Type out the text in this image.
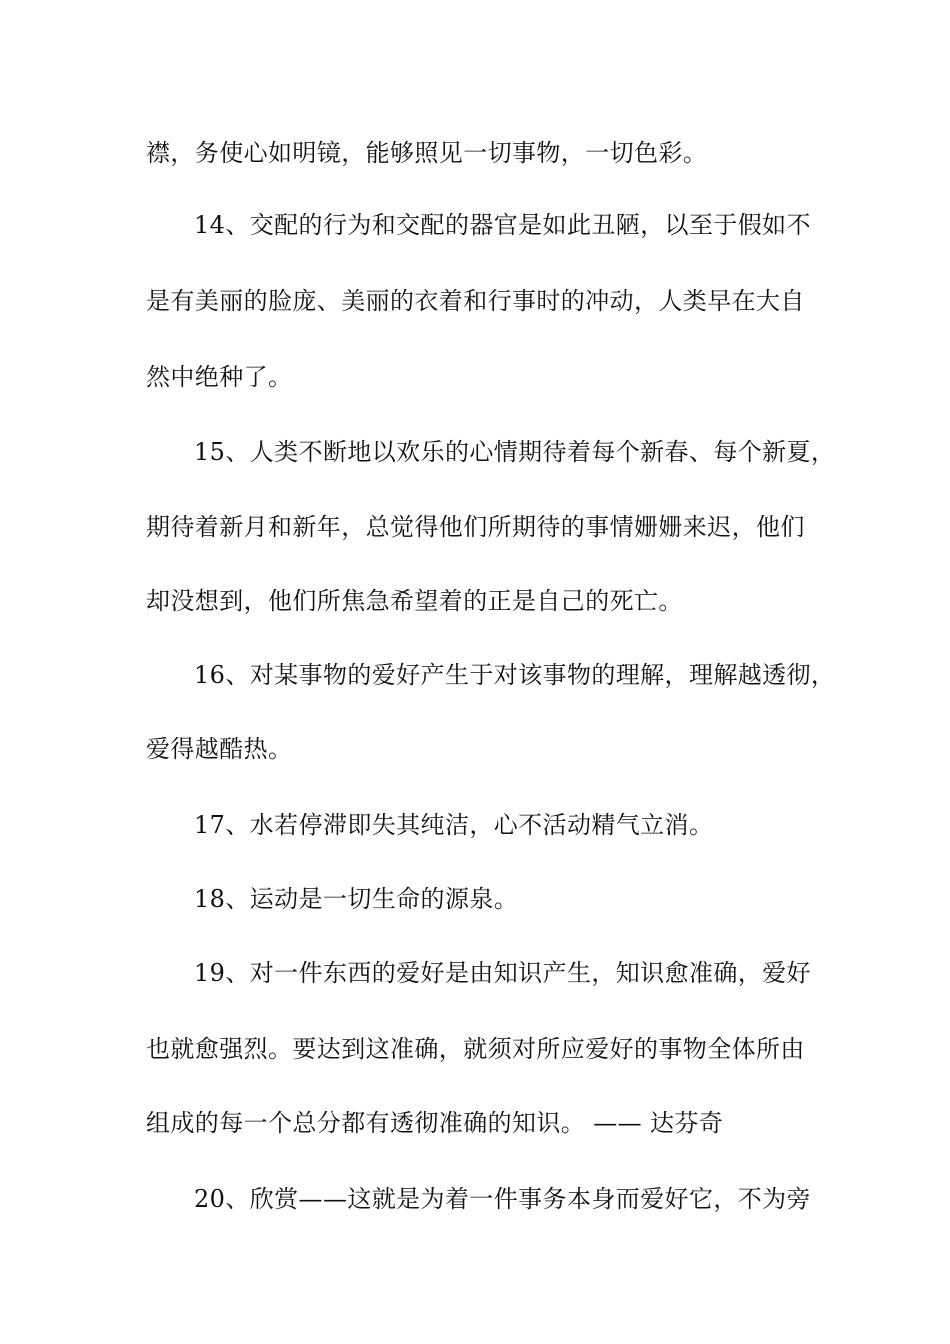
襟，务使心如明镜，能够照见一切事物，一切色彩。
14、交配的行为和交配的器官是如此丑陋，以至于假如不
是有美丽的脸庞、美丽的衣着和行事时的冲动，人类早在大自
然中绝种了。
15、人类不断地以欢乐的心情期待着每个新春、每个新夏，
期待着新月和新年，总觉得他们所期待的事情姗姗来迟，他们
却没想到，他们所焦急希望着的正是自己的死亡。
16、对某事物的爱好产生于对该事物的理解，理解越透彻，
爱得越酷热。
17、水若停滞即失其纯洁，心不活动精气立消。
18、运动是一切生命的源泉。
19、对一件东西的爱好是由知识产生，知识愈准确，爱好
也就愈强烈。要达到这准确，就须对所应爱好的事物全体所由
组成的每一个总分都有透彻准确的知识。 —— 达芬奇
20、欣赏——这就是为着一件事务本身而爱好它，不为旁
